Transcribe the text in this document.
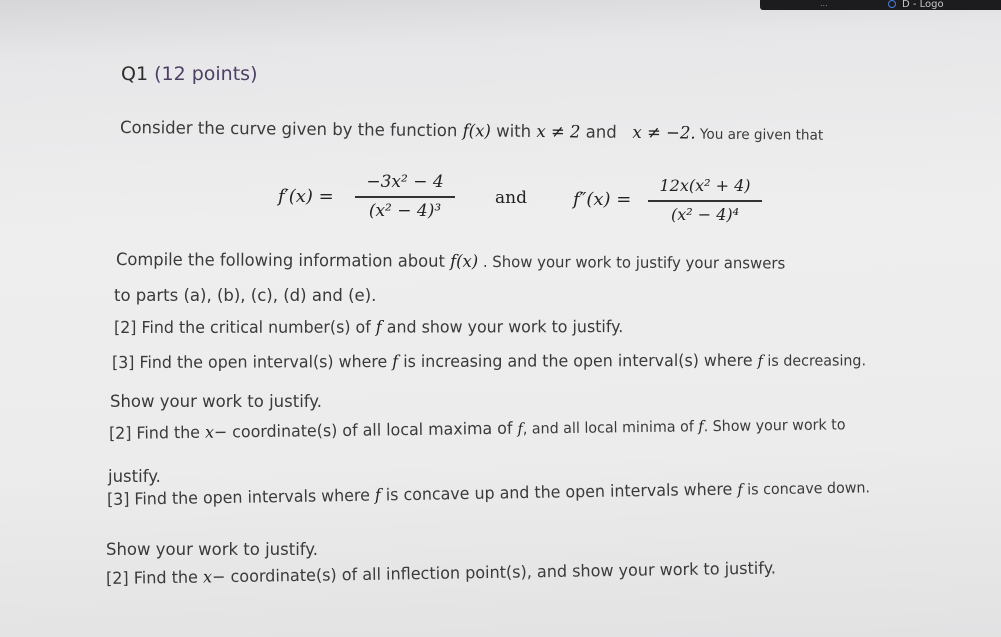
...	D - Logo
Q1 (12 points)
Consider the curve given by the function f(x) with x ≠ 2 and   x ≠ −2. You are given that
f′(x) =
−3x² − 4
(x² − 4)³
and	f″(x) =
12x(x² + 4)
(x² − 4)⁴
Compile the following information about f(x) . Show your work to justify your answers
to parts (a), (b), (c), (d) and (e).
[2] Find the critical number(s) of f and show your work to justify.
[3] Find the open interval(s) where f is increasing and the open interval(s) where f is decreasing.
Show your work to justify.
[2] Find the x− coordinate(s) of all local maxima of f, and all local minima of f. Show your work to
justify.
[3] Find the open intervals where f is concave up and the open intervals where f is concave down.
Show your work to justify.
[2] Find the x− coordinate(s) of all inflection point(s), and show your work to justify.
